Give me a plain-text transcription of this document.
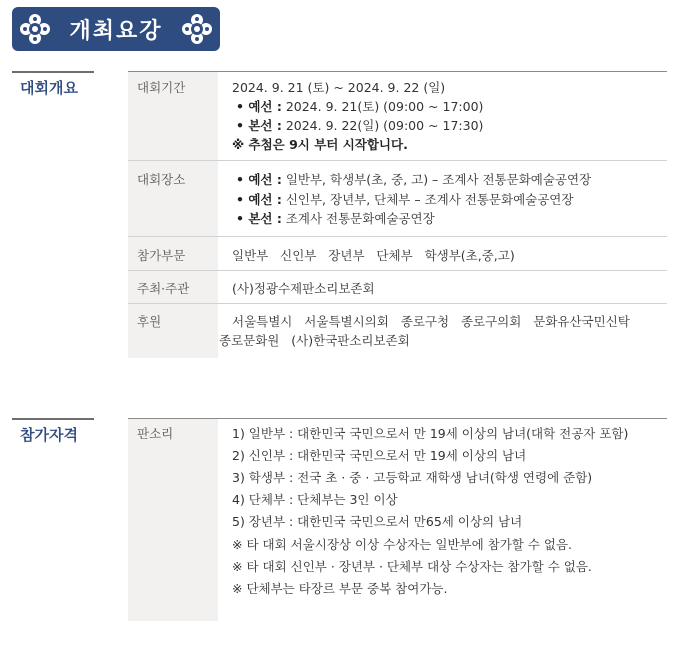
개최요강
대회개요	대회기간	2024. 9. 21 (토) ~ 2024. 9. 22 (일)
• 예선 : 2024. 9. 21(토) (09:00 ~ 17:00)
• 본선 : 2024. 9. 22(일) (09:00 ~ 17:30)
※ 추첨은 9시 부터 시작합니다.
대회장소	• 예선 : 일반부, 학생부(초, 중, 고) – 조계사 전통문화예술공연장
• 예선 : 신인부, 장년부, 단체부 – 조계사 전통문화예술공연장
• 본선 : 조계사 전통문화예술공연장
참가부문	일반부   신인부   장년부   단체부   학생부(초,중,고)
주최·주관	(사)정광수제판소리보존회
후원	서울특별시   서울특별시의회   종로구청   종로구의회   문화유산국민신탁
종로문화원   (사)한국판소리보존회
참가자격	판소리	1) 일반부 : 대한민국 국민으로서 만 19세 이상의 남녀(대학 전공자 포함)
2) 신인부 : 대한민국 국민으로서 만 19세 이상의 남녀
3) 학생부 : 전국 초 · 중 · 고등학교 재학생 남녀(학생 연령에 준함)
4) 단체부 : 단체부는 3인 이상
5) 장년부 : 대한민국 국민으로서 만65세 이상의 남녀
※ 타 대회 서울시장상 이상 수상자는 일반부에 참가할 수 없음.
※ 타 대회 신인부 · 장년부 · 단체부 대상 수상자는 참가할 수 없음.
※ 단체부는 타장르 부문 중복 참여가능.
